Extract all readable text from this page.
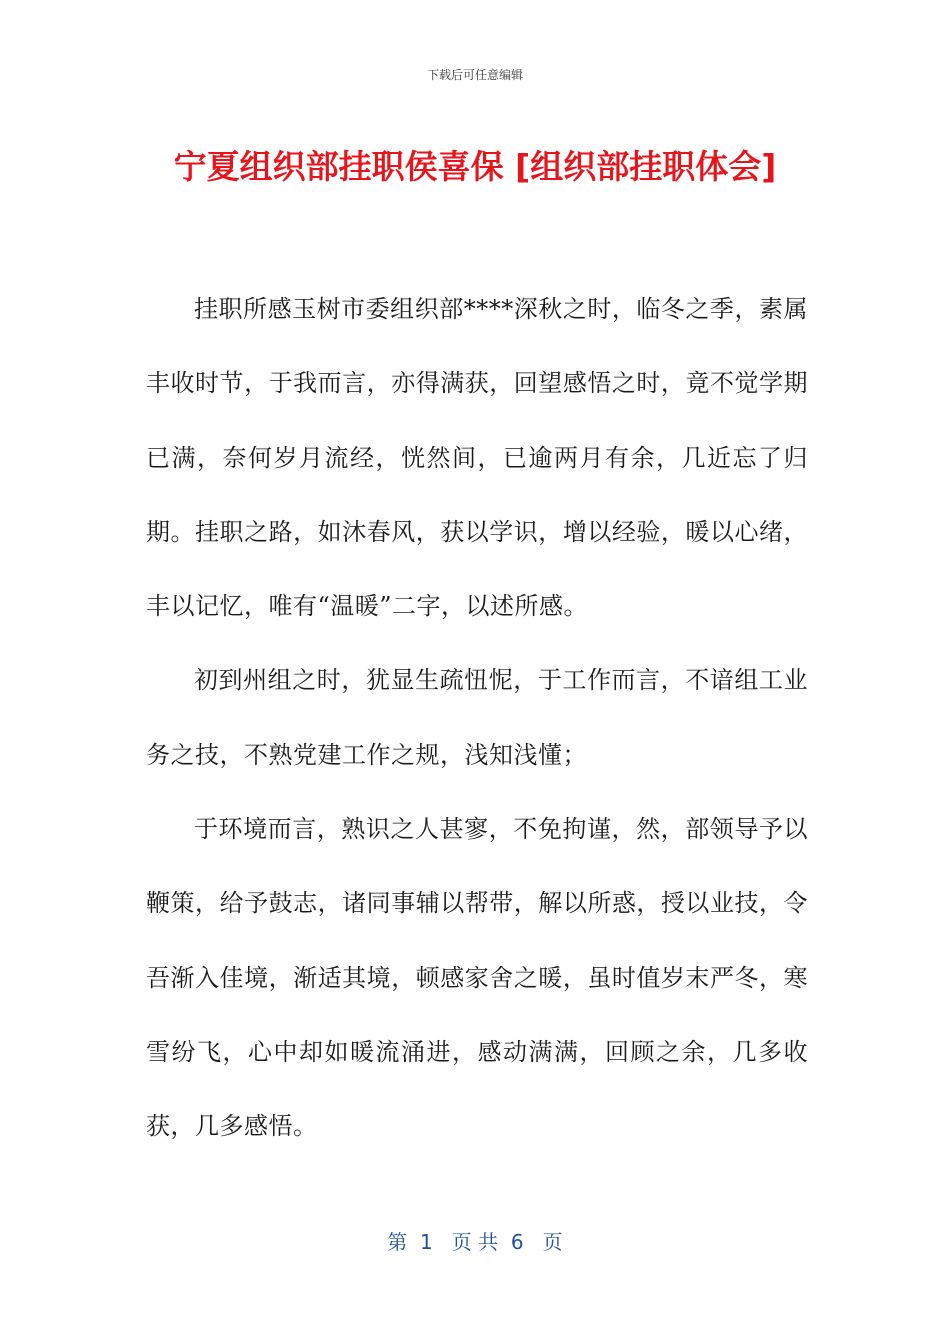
下载后可任意编辑
宁夏组织部挂职侯喜保 [组织部挂职体会]

挂职所感玉树市委组织部****深秋之时，临冬之季，素属丰收时节，于我而言，亦得满获，回望感悟之时，竟不觉学期已满，奈何岁月流经，恍然间，已逾两月有余，几近忘了归期。挂职之路，如沐春风，获以学识，增以经验，暖以心绪，丰以记忆，唯有“温暖”二字，以述所感。

初到州组之时，犹显生疏忸怩，于工作而言，不谙组工业务之技，不熟党建工作之规，浅知浅懂；

于环境而言，熟识之人甚寥，不免拘谨，然，部领导予以鞭策，给予鼓志，诸同事辅以帮带，解以所惑，授以业技，令吾渐入佳境，渐适其境，顿感家舍之暖，虽时值岁末严冬，寒雪纷飞，心中却如暖流涌进，感动满满，回顾之余，几多收获，几多感悟。

第  1   页 共  6   页
